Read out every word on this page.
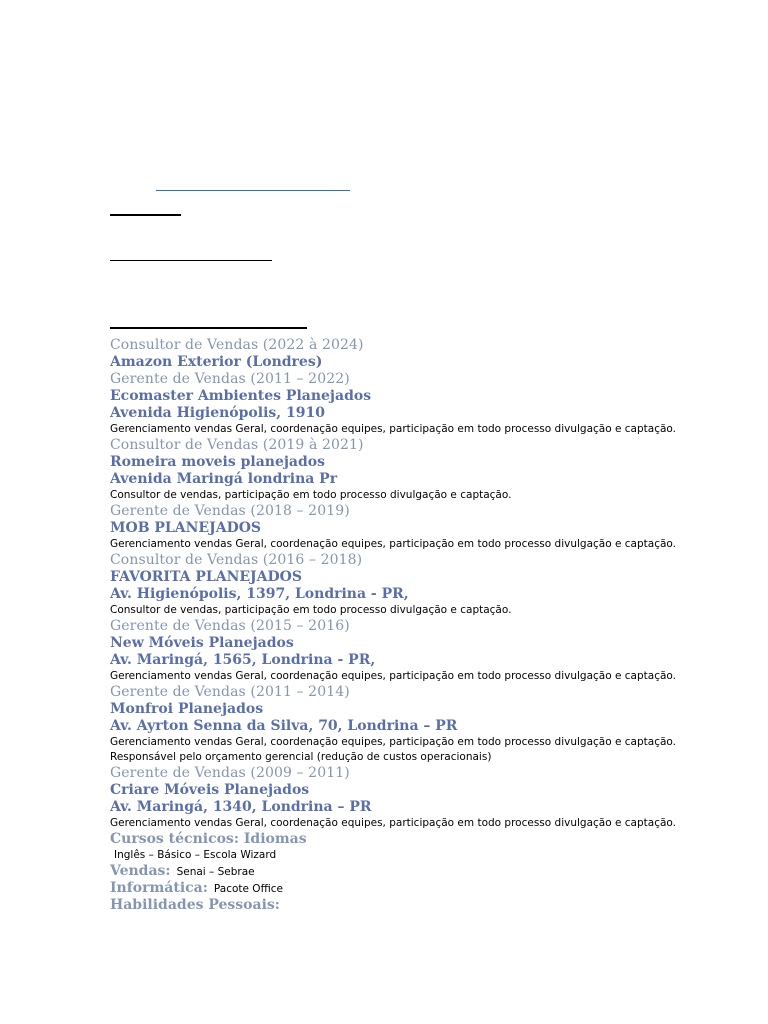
Consultor de Vendas (2022 à 2024)
Amazon Exterior (Londres)
Gerente de Vendas (2011 – 2022)
Ecomaster Ambientes Planejados
Avenida Higienópolis, 1910
Gerenciamento vendas Geral, coordenação equipes, participação em todo processo divulgação e captação.
Consultor de Vendas (2019 à 2021)
Romeira moveis planejados
Avenida Maringá londrina Pr
Consultor de vendas, participação em todo processo divulgação e captação.
Gerente de Vendas (2018 – 2019)
MOB PLANEJADOS
Gerenciamento vendas Geral, coordenação equipes, participação em todo processo divulgação e captação.
Consultor de Vendas (2016 – 2018)
FAVORITA PLANEJADOS
Av. Higienópolis, 1397, Londrina - PR,
Consultor de vendas, participação em todo processo divulgação e captação.
Gerente de Vendas (2015 – 2016)
New Móveis Planejados
Av. Maringá, 1565, Londrina - PR,
Gerenciamento vendas Geral, coordenação equipes, participação em todo processo divulgação e captação.
Gerente de Vendas (2011 – 2014)
Monfroi Planejados
Av. Ayrton Senna da Silva, 70, Londrina – PR
Gerenciamento vendas Geral, coordenação equipes, participação em todo processo divulgação e captação.
Responsável pelo orçamento gerencial (redução de custos operacionais)
Gerente de Vendas (2009 – 2011)
Criare Móveis Planejados
Av. Maringá, 1340, Londrina – PR
Gerenciamento vendas Geral, coordenação equipes, participação em todo processo divulgação e captação.
Cursos técnicos: Idiomas
Inglês – Básico – Escola Wizard
Vendas: Senai – Sebrae
Informática: Pacote Office
Habilidades Pessoais:
